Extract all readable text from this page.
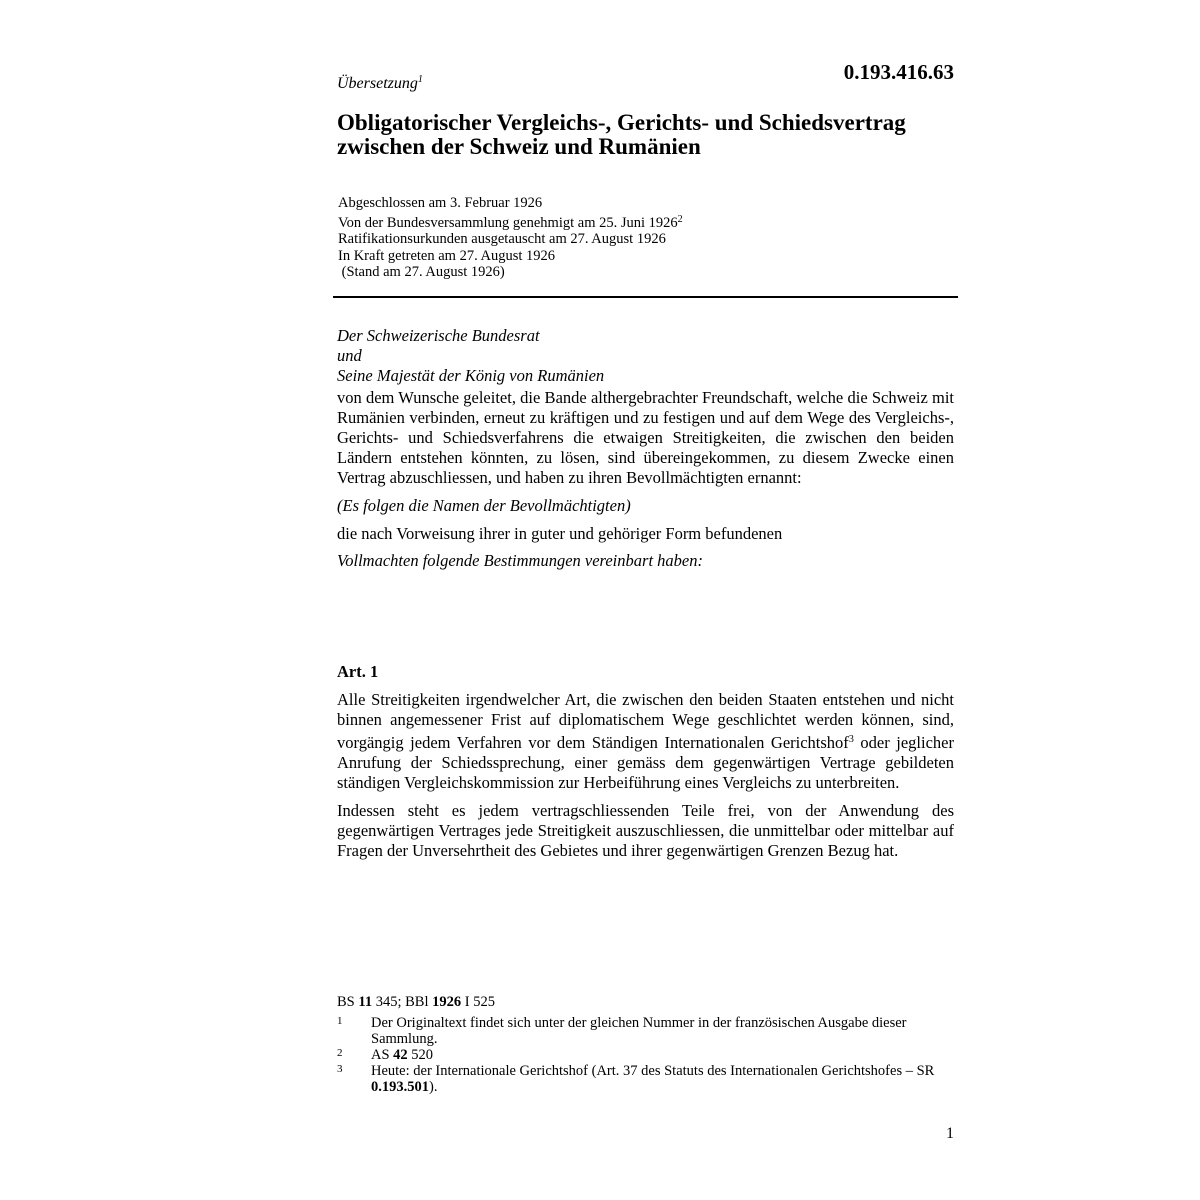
Übersetzung$^1$	0.193.416.63
Obligatorischer Vergleichs-, Gerichts- und Schiedsvertrag
zwischen der Schweiz und Rumänien
Abgeschlossen am 3. Februar 1926
Von der Bundesversammlung genehmigt am 25. Juni 1926$^2$
Ratifikationsurkunden ausgetauscht am 27. August 1926
In Kraft getreten am 27. August 1926
(Stand am 27. August 1926)
Der Schweizerische Bundesrat
und
Seine Majestät der König von Rumänien
von dem Wunsche geleitet, die Bande althergebrachter Freundschaft, welche die Schweiz mit Rumänien verbinden, erneut zu kräftigen und zu festigen und auf dem Wege des Vergleichs-, Gerichts- und Schiedsverfahrens die etwaigen Streitigkeiten, die zwischen den beiden Ländern entstehen könnten, zu lösen, sind übereingekommen, zu diesem Zwecke einen Vertrag abzuschliessen, und haben zu ihren Bevollmächtigten ernannt:
(Es folgen die Namen der Bevollmächtigten)
die nach Vorweisung ihrer in guter und gehöriger Form befundenen
Vollmachten folgende Bestimmungen vereinbart haben:
Art. 1

Alle Streitigkeiten irgendwelcher Art, die zwischen den beiden Staaten entstehen und nicht binnen angemessener Frist auf diplomatischem Wege geschlichtet werden können, sind, vorgängig jedem Verfahren vor dem Ständigen Internationalen Gerichtshof$^3$ oder jeglicher Anrufung der Schiedssprechung, einer gemäss dem gegenwärtigen Vertrage gebildeten ständigen Vergleichskommission zur Herbeiführung eines Vergleichs zu unterbreiten.

Indessen steht es jedem vertragschliessenden Teile frei, von der Anwendung des gegenwärtigen Vertrages jede Streitigkeit auszuschliessen, die unmittelbar oder mittelbar auf Fragen der Unversehrtheit des Gebietes und ihrer gegenwärtigen Grenzen Bezug hat.

BS 11 345; BBl 1926 I 525
1 Der Originaltext findet sich unter der gleichen Nummer in der französischen Ausgabe dieser Sammlung.
2 AS 42 520
3 Heute: der Internationale Gerichtshof (Art. 37 des Statuts des Internationalen Gerichtshofes – SR 0.193.501).
1
